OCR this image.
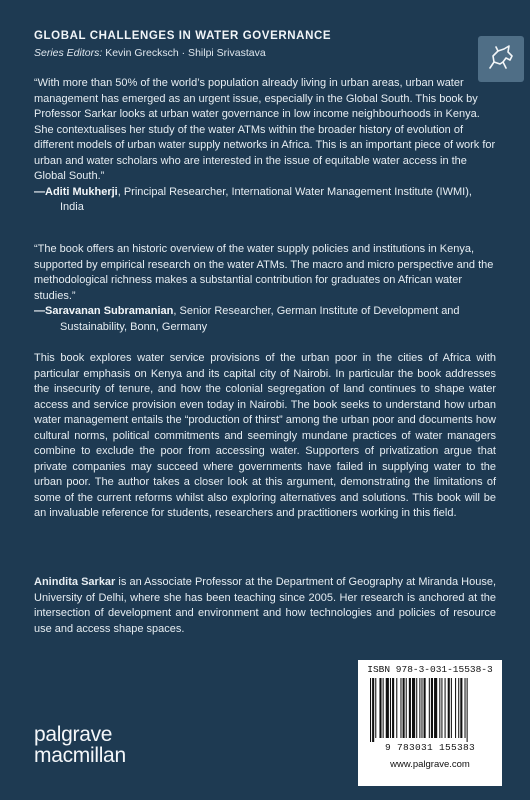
GLOBAL CHALLENGES IN WATER GOVERNANCE
Series Editors: Kevin Grecksch · Shilpi Srivastava

“With more than 50% of the world’s population already living in urban areas, urban water management has emerged as an urgent issue, especially in the Global South. This book by Professor Sarkar looks at urban water governance in low income neighbourhoods in Kenya. She contextualises her study of the water ATMs within the broader history of evolution of different models of urban water supply networks in Africa. This is an important piece of work for urban and water scholars who are interested in the issue of equitable water access in the Global South.”

—Aditi Mukherji, Principal Researcher, International Water Management Institute (IWMI), India

“The book offers an historic overview of the water supply policies and institutions in Kenya, supported by empirical research on the water ATMs. The macro and micro perspective and the methodological richness makes a substantial contribution for graduates on African water studies.”

—Saravanan Subramanian, Senior Researcher, German Institute of Development and Sustainability, Bonn, Germany

This book explores water service provisions of the urban poor in the cities of Africa with particular emphasis on Kenya and its capital city of Nairobi. In particular the book addresses the insecurity of tenure, and how the colonial segregation of land continues to shape water access and service provision even today in Nairobi. The book seeks to understand how urban water management entails the “production of thirst” among the urban poor and documents how cultural norms, political commitments and seemingly mundane practices of water managers combine to exclude the poor from accessing water. Supporters of privatization argue that private companies may succeed where governments have failed in supplying water to the urban poor. The author takes a closer look at this argument, demonstrating the limitations of some of the current reforms whilst also exploring alternatives and solutions. This book will be an invaluable reference for students, researchers and practitioners working in this field.

Anindita Sarkar is an Associate Professor at the Department of Geography at Miranda House, University of Delhi, where she has been teaching since 2005. Her research is anchored at the intersection of development and environment and how technologies and policies of resource use and access shape spaces.

ISBN 978-3-031-15538-3
9 783031 155383
www.palgrave.com
palgrave
macmillan
